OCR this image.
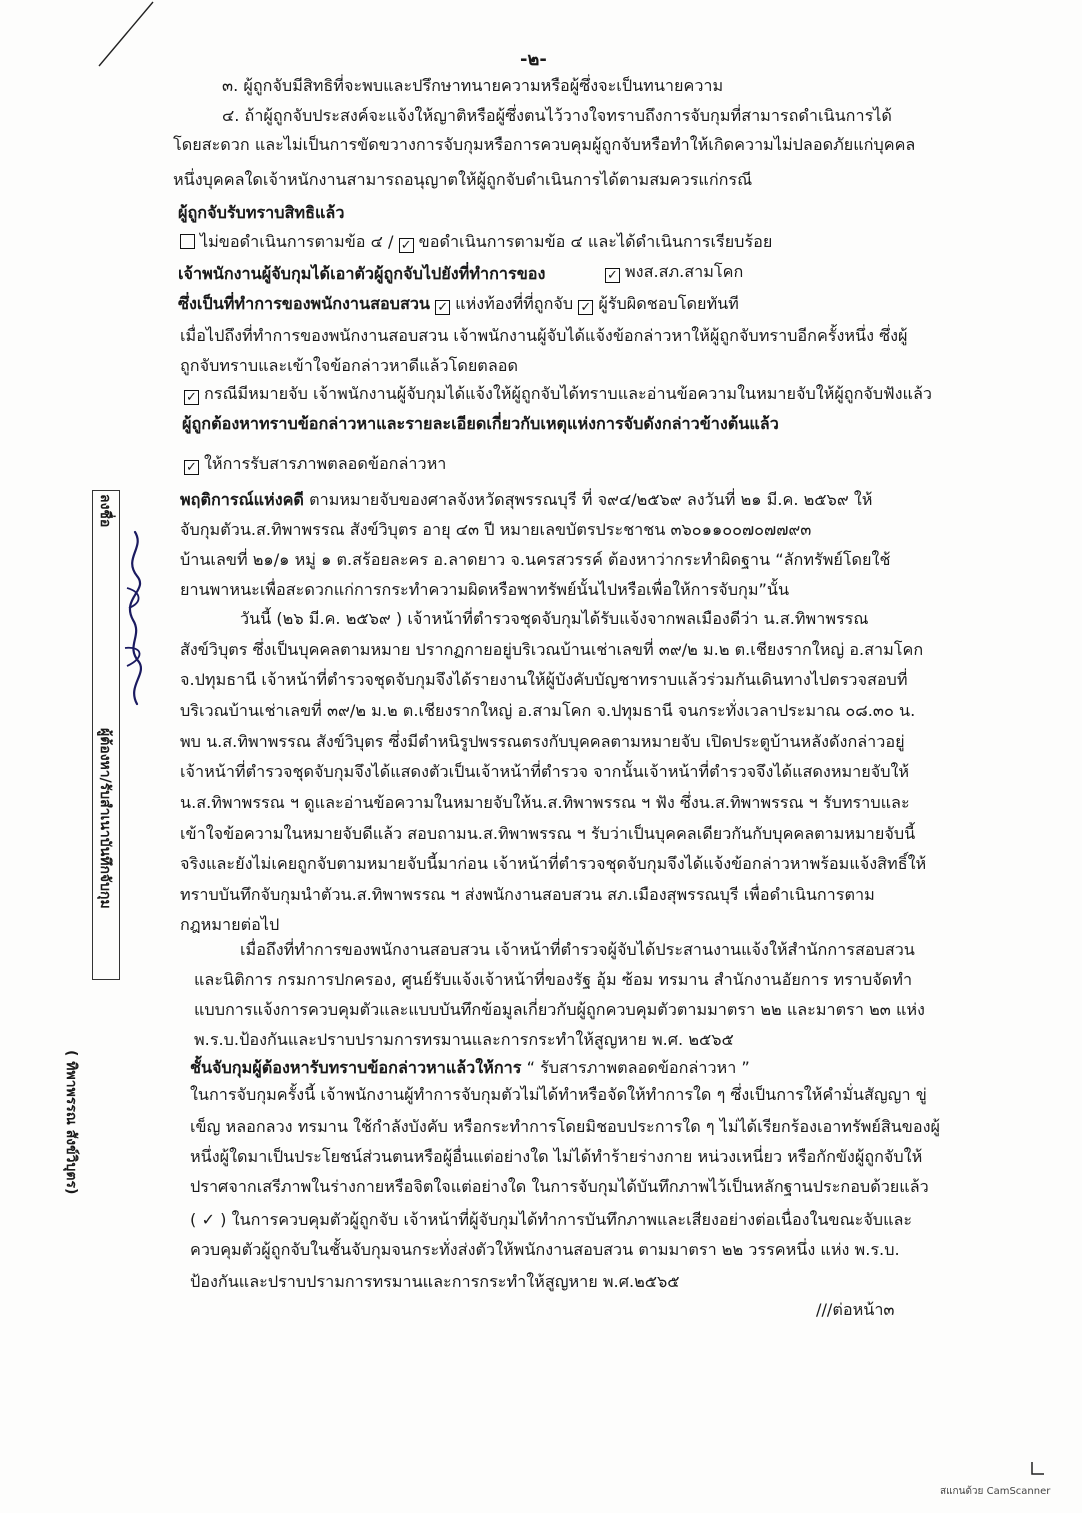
-๒-
๓. ผู้ถูกจับมีสิทธิที่จะพบและปรึกษาทนายความหรือผู้ซึ่งจะเป็นทนายความ
๔. ถ้าผู้ถูกจับประสงค์จะแจ้งให้ญาติหรือผู้ซึ่งตนไว้วางใจทราบถึงการจับกุมที่สามารถดำเนินการได้
โดยสะดวก และไม่เป็นการขัดขวางการจับกุมหรือการควบคุมผู้ถูกจับหรือทำให้เกิดความไม่ปลอดภัยแก่บุคคล
หนึ่งบุคคลใดเจ้าหนักงานสามารถอนุญาตให้ผู้ถูกจับดำเนินการได้ตามสมควรแก่กรณี
ผู้ถูกจับรับทราบสิทธิแล้ว
ไม่ขอดำเนินการตามข้อ ๔ / ✓ ขอดำเนินการตามข้อ ๔ และได้ดำเนินการเรียบร้อย
เจ้าพนักงานผู้จับกุมได้เอาตัวผู้ถูกจับไปยังที่ทำการของ	✓ พงส.สภ.สามโคก
ซึ่งเป็นที่ทำการของพนักงานสอบสวน ✓ แห่งท้องที่ที่ถูกจับ ✓ ผู้รับผิดชอบโดยทันที
เมื่อไปถึงที่ทำการของพนักงานสอบสวน เจ้าพนักงานผู้จับได้แจ้งข้อกล่าวหาให้ผู้ถูกจับทราบอีกครั้งหนึ่ง ซึ่งผู้
ถูกจับทราบและเข้าใจข้อกล่าวหาดีแล้วโดยตลอด
✓ กรณีมีหมายจับ เจ้าพนักงานผู้จับกุมได้แจ้งให้ผู้ถูกจับได้ทราบและอ่านข้อความในหมายจับให้ผู้ถูกจับฟังแล้ว
ผู้ถูกต้องหาทราบข้อกล่าวหาและรายละเอียดเกี่ยวกับเหตุแห่งการจับดังกล่าวข้างต้นแล้ว
✓ ให้การรับสารภาพตลอดข้อกล่าวหา
พฤติการณ์แห่งคดี ตามหมายจับของศาลจังหวัดสุพรรณบุรี ที่ จ๙๔/๒๕๖๙ ลงวันที่ ๒๑ มี.ค. ๒๕๖๙ ให้
จับกุมตัวน.ส.ทิพาพรรณ สังข์วิบุตร อายุ ๔๓ ปี หมายเลขบัตรประชาชน ๓๖๐๑๑๐๐๗๐๗๗๙๓
บ้านเลขที่ ๒๑/๑ หมู่ ๑ ต.สร้อยละคร อ.ลาดยาว จ.นครสวรรค์ ต้องหาว่ากระทำผิดฐาน “ลักทรัพย์โดยใช้
ยานพาหนะเพื่อสะดวกแก่การกระทำความผิดหรือพาทรัพย์นั้นไปหรือเพื่อให้การจับกุม”นั้น
วันนี้ (๒๖ มี.ค. ๒๕๖๙ ) เจ้าหน้าที่ตำรวจชุดจับกุมได้รับแจ้งจากพลเมืองดีว่า น.ส.ทิพาพรรณ
สังข์วิบุตร ซึ่งเป็นบุคคลตามหมาย ปรากฏกายอยู่บริเวณบ้านเช่าเลขที่ ๓๙/๒ ม.๒ ต.เชียงรากใหญ่ อ.สามโคก
จ.ปทุมธานี เจ้าหน้าที่ตำรวจชุดจับกุมจึงได้รายงานให้ผู้บังคับบัญชาทราบแล้วร่วมกันเดินทางไปตรวจสอบที่
บริเวณบ้านเช่าเลขที่ ๓๙/๒ ม.๒ ต.เชียงรากใหญ่ อ.สามโคก จ.ปทุมธานี จนกระทั่งเวลาประมาณ ๐๘.๓๐ น.
พบ น.ส.ทิพาพรรณ สังข์วิบุตร ซึ่งมีตำหนิรูปพรรณตรงกับบุคคลตามหมายจับ เปิดประตูบ้านหลังดังกล่าวอยู่
เจ้าหน้าที่ตำรวจชุดจับกุมจึงได้แสดงตัวเป็นเจ้าหน้าที่ตำรวจ จากนั้นเจ้าหน้าที่ตำรวจจึงได้แสดงหมายจับให้
น.ส.ทิพาพรรณ ฯ ดูและอ่านข้อความในหมายจับให้น.ส.ทิพาพรรณ ฯ ฟัง ซึ่งน.ส.ทิพาพรรณ ฯ รับทราบและ
เข้าใจข้อความในหมายจับดีแล้ว สอบถามน.ส.ทิพาพรรณ ฯ รับว่าเป็นบุคคลเดียวกันกับบุคคลตามหมายจับนี้
จริงและยังไม่เคยถูกจับตามหมายจับนี้มาก่อน เจ้าหน้าที่ตำรวจชุดจับกุมจึงได้แจ้งข้อกล่าวหาพร้อมแจ้งสิทธิ์ให้
ทราบบันทึกจับกุมนำตัวน.ส.ทิพาพรรณ ฯ ส่งพนักงานสอบสวน สภ.เมืองสุพรรณบุรี เพื่อดำเนินการตาม
กฎหมายต่อไป
เมื่อถึงที่ทำการของพนักงานสอบสวน เจ้าหน้าที่ตำรวจผู้จับได้ประสานงานแจ้งให้สำนักการสอบสวน
และนิติการ กรมการปกครอง, ศูนย์รับแจ้งเจ้าหน้าที่ของรัฐ อุ้ม ซ้อม ทรมาน สำนักงานอัยการ ทราบจัดทำ
แบบการแจ้งการควบคุมตัวและแบบบันทึกข้อมูลเกี่ยวกับผู้ถูกควบคุมตัวตามมาตรา ๒๒ และมาตรา ๒๓ แห่ง
พ.ร.บ.ป้องกันและปราบปรามการทรมานและการกระทำให้สูญหาย พ.ศ. ๒๕๖๕
ชั้นจับกุมผู้ต้องหารับทราบข้อกล่าวหาแล้วให้การ “ รับสารภาพตลอดข้อกล่าวหา ”
ในการจับกุมครั้งนี้ เจ้าพนักงานผู้ทำการจับกุมตัวไม่ได้ทำหรือจัดให้ทำการใด ๆ ซึ่งเป็นการให้คำมั่นสัญญา ขู่
เข็ญ หลอกลวง ทรมาน ใช้กำลังบังคับ หรือกระทำการโดยมิชอบประการใด ๆ ไม่ได้เรียกร้องเอาทรัพย์สินของผู้
หนึ่งผู้ใดมาเป็นประโยชน์ส่วนตนหรือผู้อื่นแต่อย่างใด ไม่ได้ทำร้ายร่างกาย หน่วงเหนี่ยว หรือกักขังผู้ถูกจับให้
ปราศจากเสรีภาพในร่างกายหรือจิตใจแต่อย่างใด ในการจับกุมได้บันทึกภาพไว้เป็นหลักฐานประกอบด้วยแล้ว
( ✓ ) ในการควบคุมตัวผู้ถูกจับ เจ้าหน้าที่ผู้จับกุมได้ทำการบันทึกภาพและเสียงอย่างต่อเนื่องในขณะจับและ
ควบคุมตัวผู้ถูกจับในชั้นจับกุมจนกระทั่งส่งตัวให้พนักงานสอบสวน ตามมาตรา ๒๒ วรรคหนึ่ง แห่ง พ.ร.บ.
ป้องกันและปราบปรามการทรมานและการกระทำให้สูญหาย พ.ศ.๒๕๖๕
///ต่อหน้า๓
ลงชื่อ
ผู้ต้องหา/รับสำเนาบันทึกจับกุม
( ทิพาพรรณ สังข์วิบุตร)
สแกนด้วย CamScanner
